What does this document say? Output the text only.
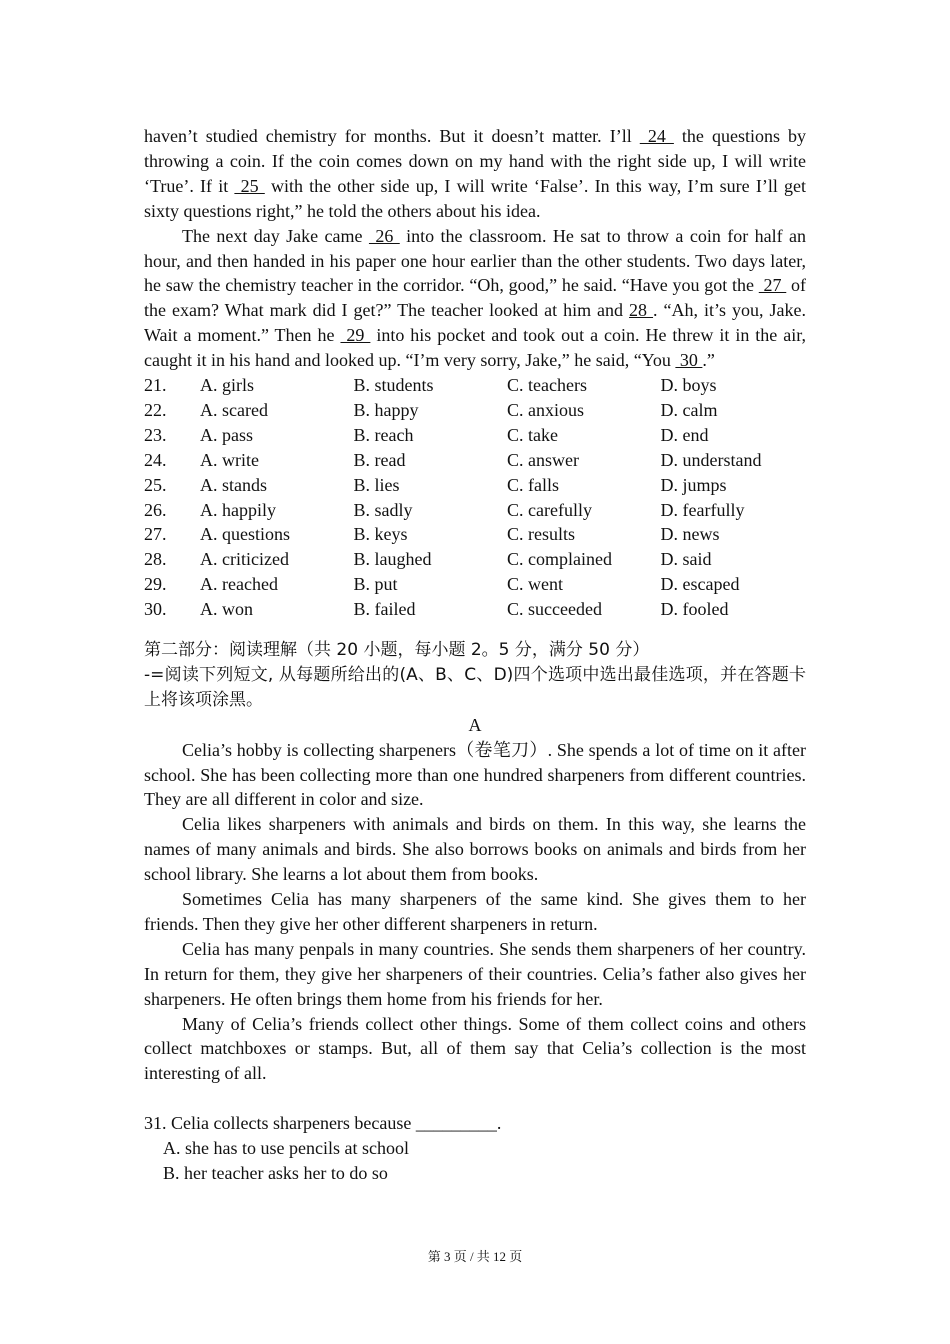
haven’t studied chemistry for months. But it doesn’t matter. I’ll  24  the questions by throwing a coin. If the coin comes down on my hand with the right side up, I will write ‘True’. If it  25  with the other side up, I will write ‘False’. In this way, I’m sure I’ll get sixty questions right,” he told the others about his idea.

The next day Jake came  26  into the classroom. He sat to throw a coin for half an hour, and then handed in his paper one hour earlier than the other students. Two days later, he saw the chemistry teacher in the corridor. “Oh, good,” he said. “Have you got the  27  of the exam? What mark did I get?” The teacher looked at him and 28 . “Ah, it’s you, Jake. Wait a moment.” Then he  29  into his pocket and took out a coin. He threw it in the air, caught it in his hand and looked up. “I’m very sorry, Jake,” he said, “You  30 .”

21.	A. girls	B. students	C. teachers	D. boys
22.	A. scared	B. happy	C. anxious	D. calm
23.	A. pass	B. reach	C. take	D. end
24.	A. write	B. read	C. answer	D. understand
25.	A. stands	B. lies	C. falls	D. jumps
26.	A. happily	B. sadly	C. carefully	D. fearfully
27.	A. questions	B. keys	C. results	D. news
28.	A. criticized	B. laughed	C. complained	D. said
29.	A. reached	B. put	C. went	D. escaped
30.	A. won	B. failed	C. succeeded	D. fooled

第二部分：阅读理解（共 20 小题，每小题 2。5 分，满分 50 分）

-=阅读下列短文, 从每题所给出的(A、B、C、D)四个选项中选出最佳选项，并在答题卡上将该项涂黑。

A

Celia’s hobby is collecting sharpeners（卷笔刀）. She spends a lot of time on it after school. She has been collecting more than one hundred sharpeners from different countries. They are all different in color and size.

Celia likes sharpeners with animals and birds on them. In this way, she learns the names of many animals and birds. She also borrows books on animals and birds from her school library. She learns a lot about them from books.

Sometimes Celia has many sharpeners of the same kind. She gives them to her friends. Then they give her other different sharpeners in return.

Celia has many penpals in many countries. She sends them sharpeners of her country. In return for them, they give her sharpeners of their countries. Celia’s father also gives her sharpeners. He often brings them home from his friends for her.

Many of Celia’s friends collect other things. Some of them collect coins and others collect matchboxes or stamps. But, all of them say that Celia’s collection is the most interesting of all.

31. Celia collects sharpeners because _________.

A. she has to use pencils at school

B. her teacher asks her to do so

第 3 页 / 共 12 页
